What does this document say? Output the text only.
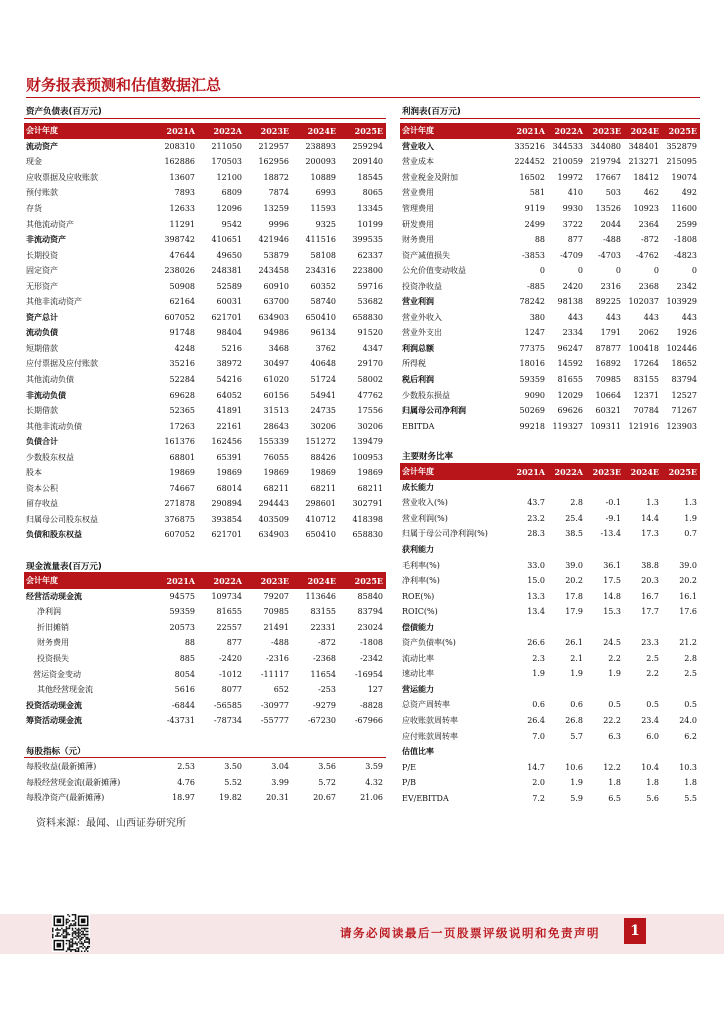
财务报表预测和估值数据汇总
资产负债表(百万元)
会计年度	2021A	2022A	2023E	2024E	2025E
流动资产	208310	211050	212957	238893	259294
现金	162886	170503	162956	200093	209140
应收票据及应收账款	13607	12100	18872	10889	18545
预付账款	7893	6809	7874	6993	8065
存货	12633	12096	13259	11593	13345
其他流动资产	11291	9542	9996	9325	10199
非流动资产	398742	410651	421946	411516	399535
长期投资	47644	49650	53879	58108	62337
固定资产	238026	248381	243458	234316	223800
无形资产	50908	52589	60910	60352	59716
其他非流动资产	62164	60031	63700	58740	53682
资产总计	607052	621701	634903	650410	658830
流动负债	91748	98404	94986	96134	91520
短期借款	4248	5216	3468	3762	4347
应付票据及应付账款	35216	38972	30497	40648	29170
其他流动负债	52284	54216	61020	51724	58002
非流动负债	69628	64052	60156	54941	47762
长期借款	52365	41891	31513	24735	17556
其他非流动负债	17263	22161	28643	30206	30206
负债合计	161376	162456	155339	151272	139479
少数股东权益	68801	65391	76055	88426	100953
股本	19869	19869	19869	19869	19869
资本公积	74667	68014	68211	68211	68211
留存收益	271878	290894	294443	298601	302791
归属母公司股东权益	376875	393854	403509	410712	418398
负债和股东权益	607052	621701	634903	650410	658830
现金流量表(百万元)
会计年度	2021A	2022A	2023E	2024E	2025E
经营活动现金流	94575	109734	79207	113646	85840
净利润	59359	81655	70985	83155	83794
折旧摊销	20573	22557	21491	22331	23024
财务费用	88	877	-488	-872	-1808
投资损失	885	-2420	-2316	-2368	-2342
营运资金变动	8054	-1012	-11117	11654	-16954
其他经营现金流	5616	8077	652	-253	127
投资活动现金流	-6844	-56585	-30977	-9279	-8828
筹资活动现金流	-43731	-78734	-55777	-67230	-67966
每股指标（元）
每股收益(最新摊薄)	2.53	3.50	3.04	3.56	3.59
每股经营现金流(最新摊薄)	4.76	5.52	3.99	5.72	4.32
每股净资产(最新摊薄)	18.97	19.82	20.31	20.67	21.06
利润表(百万元)
会计年度	2021A	2022A	2023E	2024E	2025E
营业收入	335216	344533	344080	348401	352879
营业成本	224452	210059	219794	213271	215095
营业税金及附加	16502	19972	17667	18412	19074
营业费用	581	410	503	462	492
管理费用	9119	9930	13526	10923	11600
研发费用	2499	3722	2044	2364	2599
财务费用	88	877	-488	-872	-1808
资产减值损失	-3853	-4709	-4703	-4762	-4823
公允价值变动收益	0	0	0	0	0
投资净收益	-885	2420	2316	2368	2342
营业利润	78242	98138	89225	102037	103929
营业外收入	380	443	443	443	443
营业外支出	1247	2334	1791	2062	1926
利润总额	77375	96247	87877	100418	102446
所得税	18016	14592	16892	17264	18652
税后利润	59359	81655	70985	83155	83794
少数股东损益	9090	12029	10664	12371	12527
归属母公司净利润	50269	69626	60321	70784	71267
EBITDA	99218	119327	109311	121916	123903
主要财务比率
会计年度	2021A	2022A	2023E	2024E	2025E
成长能力					
营业收入(%)	43.7	2.8	-0.1	1.3	1.3
营业利润(%)	23.2	25.4	-9.1	14.4	1.9
归属于母公司净利润(%)	28.3	38.5	-13.4	17.3	0.7
获利能力					
毛利率(%)	33.0	39.0	36.1	38.8	39.0
净利率(%)	15.0	20.2	17.5	20.3	20.2
ROE(%)	13.3	17.8	14.8	16.7	16.1
ROIC(%)	13.4	17.9	15.3	17.7	17.6
偿债能力					
资产负债率(%)	26.6	26.1	24.5	23.3	21.2
流动比率	2.3	2.1	2.2	2.5	2.8
速动比率	1.9	1.9	1.9	2.2	2.5
营运能力					
总资产周转率	0.6	0.6	0.5	0.5	0.5
应收账款周转率	26.4	26.8	22.2	23.4	24.0
应付账款周转率	7.0	5.7	6.3	6.0	6.2
估值比率					
P/E	14.7	10.6	12.2	10.4	10.3
P/B	2.0	1.9	1.8	1.8	1.8
EV/EBITDA	7.2	5.9	6.5	5.6	5.5
资料来源：最闻、山西证券研究所
请务必阅读最后一页股票评级说明和免责声明	1
